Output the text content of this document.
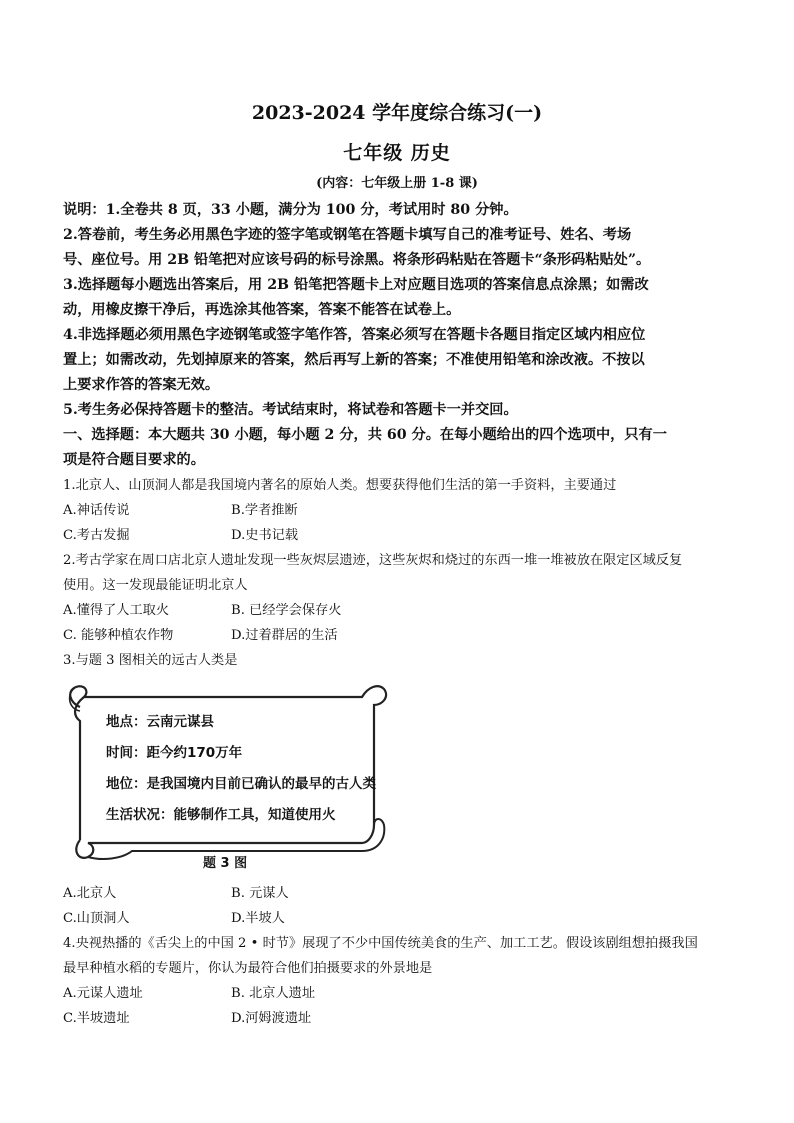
2023-2024 学年度综合练习(一)
七年级 历史
(内容：七年级上册 1-8 课)
说明：1.全卷共 8 页，33 小题，满分为 100 分，考试用时 80 分钟。
2.答卷前，考生务必用黑色字迹的签字笔或钢笔在答题卡填写自己的准考证号、姓名、考场
号、座位号。用 2B 铅笔把对应该号码的标号涂黑。将条形码粘贴在答题卡“条形码粘贴处”。
3.选择题每小题选出答案后，用 2B 铅笔把答题卡上对应题目选项的答案信息点涂黑；如需改
动，用橡皮擦干净后，再选涂其他答案，答案不能答在试卷上。
4.非选择题必须用黑色字迹钢笔或签字笔作答，答案必须写在答题卡各题目指定区域内相应位
置上；如需改动，先划掉原来的答案，然后再写上新的答案；不准使用铅笔和涂改液。不按以
上要求作答的答案无效。
5.考生务必保持答题卡的整洁。考试结束时，将试卷和答题卡一并交回。
一、选择题：本大题共 30 小题，每小题 2 分，共 60 分。在每小题给出的四个选项中，只有一
项是符合题目要求的。
1.北京人、山顶洞人都是我国境内著名的原始人类。想要获得他们生活的第一手资料，主要通过
A.神话传说	B.学者推断
C.考古发掘	D.史书记载
2.考古学家在周口店北京人遗址发现一些灰烬层遗迹，这些灰烬和烧过的东西一堆一堆被放在限定区域反复
使用。这一发现最能证明北京人
A.懂得了人工取火	B. 已经学会保存火
C. 能够种植农作物	D.过着群居的生活
3.与题 3 图相关的远古人类是
地点：云南元谋县
时间：距今约170万年
地位：是我国境内目前已确认的最早的古人类
生活状况：能够制作工具，知道使用火
题 3 图
A.北京人	B. 元谋人
C.山顶洞人	D.半坡人
4.央视热播的《舌尖上的中国 2 • 时节》展现了不少中国传统美食的生产、加工工艺。假设该剧组想拍摄我国
最早种植水稻的专题片，你认为最符合他们拍摄要求的外景地是
A.元谋人遗址	B. 北京人遗址
C.半坡遗址	D.河姆渡遗址
